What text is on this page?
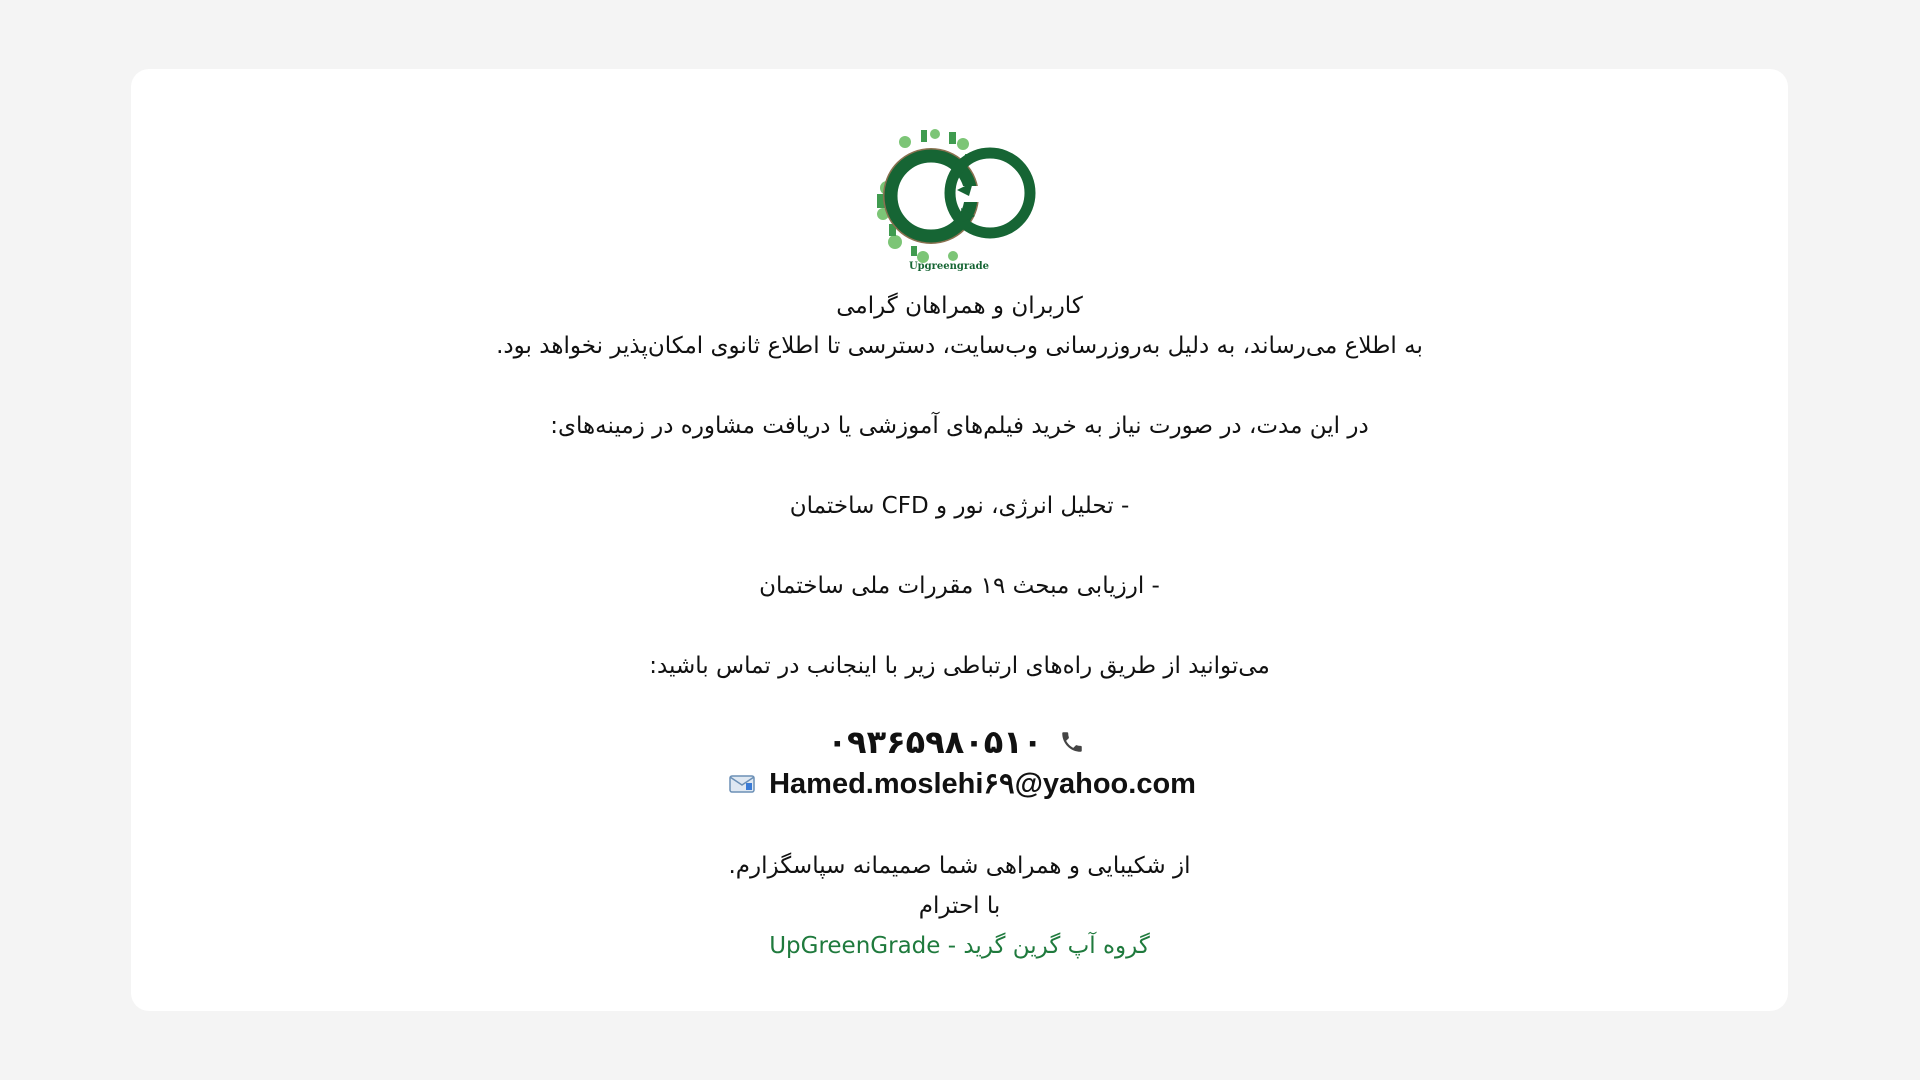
Upgreengrade
کاربران و همراهان گرامی
به اطلاع می‌رساند، به دلیل به‌روزرسانی وب‌سایت، دسترسی تا اطلاع ثانوی امکان‌پذیر نخواهد بود.
در این مدت، در صورت نیاز به خرید فیلم‌های آموزشی یا دریافت مشاوره در زمینه‌های:
- تحلیل انرژی، نور و CFD ساختمان
- ارزیابی مبحث ۱۹ مقررات ملی ساختمان
می‌توانید از طریق راه‌های ارتباطی زیر با اینجانب در تماس باشید:
از شکیبایی و همراهی شما صمیمانه سپاسگزارم.
با احترام
گروه آپ گرین گرید - UpGreenGrade
۰۹۳۶۵۹۸۰۵۱۰
Hamed.moslehi۶۹@yahoo.com
